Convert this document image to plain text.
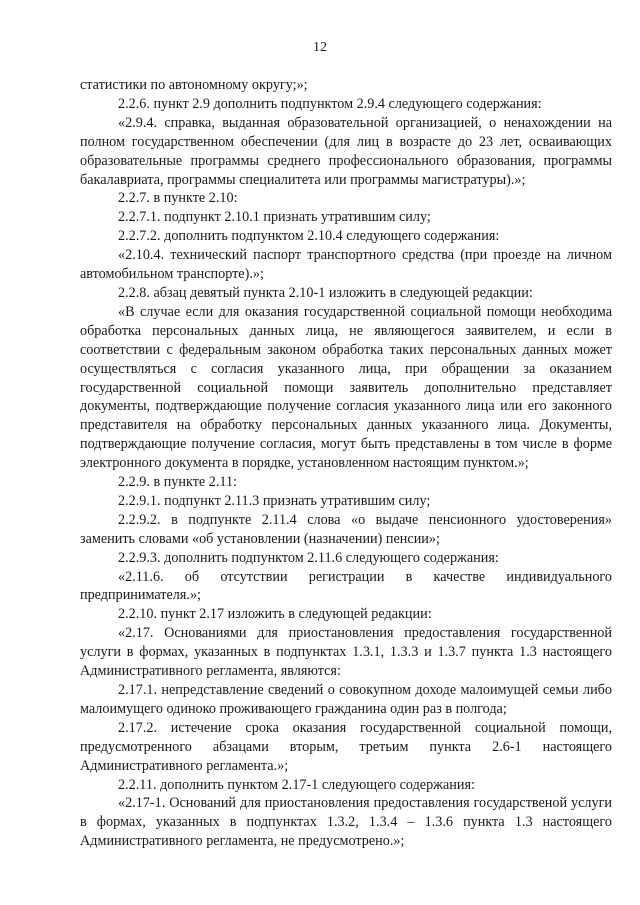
12

статистики по автономному округу;»;

2.2.6. пункт 2.9 дополнить подпунктом 2.9.4 следующего содержания:

«2.9.4. справка, выданная образовательной организацией, о ненахождении на полном государственном обеспечении (для лиц в возрасте до 23 лет, осваивающих образовательные программы среднего профессионального образования, программы бакалавриата, программы специалитета или программы магистратуры).»;

2.2.7. в пункте 2.10:

2.2.7.1. подпункт 2.10.1 признать утратившим силу;

2.2.7.2. дополнить подпунктом 2.10.4 следующего содержания:

«2.10.4. технический паспорт транспортного средства (при проезде на личном автомобильном транспорте).»;

2.2.8. абзац девятый пункта 2.10-1 изложить в следующей редакции:

«В случае если для оказания государственной социальной помощи необходима обработка персональных данных лица, не являющегося заявителем, и если в соответствии с федеральным законом обработка таких персональных данных может осуществляться с согласия указанного лица, при обращении за оказанием государственной социальной помощи заявитель дополнительно представляет документы, подтверждающие получение согласия указанного лица или его законного представителя на обработку персональных данных указанного лица. Документы, подтверждающие получение согласия, могут быть представлены в том числе в форме электронного документа в порядке, установленном настоящим пунктом.»;

2.2.9. в пункте 2.11:

2.2.9.1. подпункт 2.11.3 признать утратившим силу;

2.2.9.2. в подпункте 2.11.4 слова «о выдаче пенсионного удостоверения» заменить словами «об установлении (назначении) пенсии»;

2.2.9.3. дополнить подпунктом 2.11.6 следующего содержания:

«2.11.6. об отсутствии регистрации в качестве индивидуального предпринимателя.»;

2.2.10. пункт 2.17 изложить в следующей редакции:

«2.17. Основаниями для приостановления предоставления государственной услуги в формах, указанных в подпунктах 1.3.1, 1.3.3 и 1.3.7 пункта 1.3 настоящего Административного регламента, являются:

2.17.1. непредставление сведений о совокупном доходе малоимущей семьи либо малоимущего одиноко проживающего гражданина один раз в полгода;

2.17.2. истечение срока оказания государственной социальной помощи, предусмотренного абзацами вторым, третьим пункта 2.6-1 настоящего Административного регламента.»;

2.2.11. дополнить пунктом 2.17-1 следующего содержания:

«2.17-1. Оснований для приостановления предоставления государственой услуги в формах, указанных в подпунктах 1.3.2, 1.3.4 – 1.3.6 пункта 1.3 настоящего Административного регламента, не предусмотрено.»;
